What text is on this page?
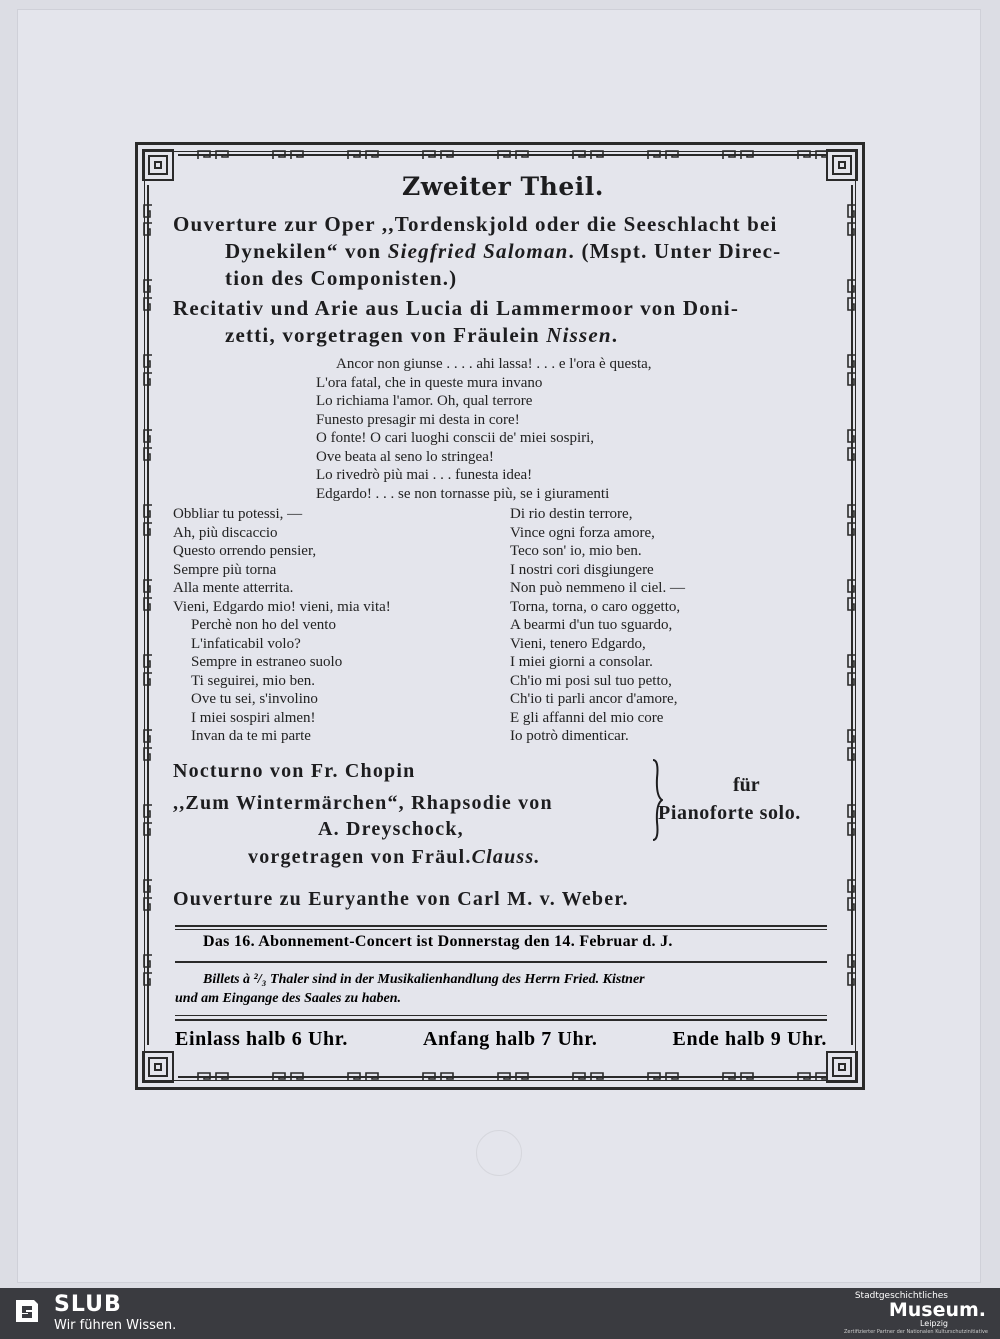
Zweiter Theil.
Ouverture zur Oper ,,Tordenskjold oder die Seeschlacht bei
Dynekilen“ von Siegfried Saloman. (Mspt. Unter Direc-
tion des Componisten.)
Recitativ und Arie aus Lucia di Lammermoor von Doni-
zetti, vorgetragen von Fräulein Nissen.
Ancor non giunse . . . . ahi lassa! . . . e l'ora è questa,
L'ora fatal, che in queste mura invano
Lo richiama l'amor. Oh, qual terrore
Funesto presagir mi desta in core!
O fonte! O cari luoghi conscii de' miei sospiri,
Ove beata al seno lo stringea!
Lo rivedrò più mai . . . funesta idea!
Edgardo! . . . se non tornasse più, se i giuramenti
Obbliar tu potessi, —
Ah, più discaccio
Questo orrendo pensier,
Sempre più torna
Alla mente atterrita.
Vieni, Edgardo mio! vieni, mia vita!
Perchè non ho del vento
L'infaticabil volo?
Sempre in estraneo suolo
Ti seguirei, mio ben.
Ove tu sei, s'involino
I miei sospiri almen!
Invan da te mi parte
Di rio destin terrore,
Vince ogni forza amore,
Teco son' io, mio ben.
I nostri cori disgiungere
Non può nemmeno il ciel. —
Torna, torna, o caro oggetto,
A bearmi d'un tuo sguardo,
Vieni, tenero Edgardo,
I miei giorni a consolar.
Ch'io mi posi sul tuo petto,
Ch'io ti parli ancor d'amore,
E gli affanni del mio core
Io potrò dimenticar.
Nocturno von Fr. Chopin
,,Zum Wintermärchen“, Rhapsodie von
A. Dreyschock,
vorgetragen von Fräul.Clauss.
für
Pianoforte solo.
Ouverture zu Euryanthe von Carl M. v. Weber.
Das 16. Abonnement-Concert ist Donnerstag den 14. Februar d. J.
Billets à ²/₃ Thaler sind in der Musikalienhandlung des Herrn Fried. Kistner
und am Eingange des Saales zu haben.
Einlass halb 6 Uhr.	Anfang halb 7 Uhr.	Ende halb 9 Uhr.
SLUB
Wir führen Wissen.
Stadtgeschichtliches
Museum.
Leipzig
Zertifizierter Partner der Nationalen Kulturschutzinitiative
